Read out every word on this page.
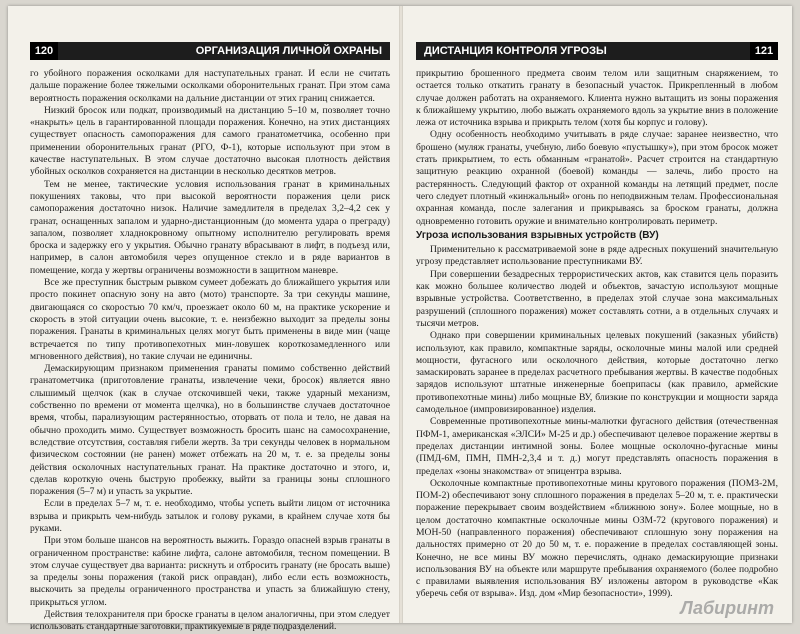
120	ОРГАНИЗАЦИЯ ЛИЧНОЙ ОХРАНЫ

го убойного поражения осколками для наступательных гранат. И если не считать дальше поражение более тяжелыми осколками оборонительных гранат. При этом сама вероятность поражения осколками на дальние дистанции от этих границ снижается.

Низкий бросок или подкат, производимый на дистанцию 5–10 м, позволяет точно «накрыть» цель в гарантированной площади поражения. Конечно, на этих дистанциях существует опасность самопоражения для самого гранатометчика, особенно при применении оборонительных гранат (РГО, Ф-1), которые используют при этом в качестве наступательных. В этом случае достаточно высокая плотность действия убойных осколков сохраняется на дистанции в несколько десятков метров.

Тем не менее, тактические условия использования гранат в криминальных покушениях таковы, что при высокой вероятности поражения цели риск самопоражения достаточно низок. Наличие замедлителя в пределах 3,2–4,2 сек у гранат, оснащенных запалом и ударно-дистанционным (до момента удара о преграду) запалом, позволяет хладнокровному опытному исполнителю регулировать время броска и задержку его у укрытия. Обычно гранату вбрасывают в лифт, в подъезд или, например, в салон автомобиля через опущенное стекло и в ряде вариантов в помещение, когда у жертвы ограничены возможности в защитном маневре.

Все же преступник быстрым рывком сумеет добежать до ближайшего укрытия или просто покинет опасную зону на авто (мото) транспорте. За три секунды машине, двигающаяся со скоростью 70 км/ч, проезжает около 60 м, на практике ускорение и скорость в этой ситуации очень высокие, т. е. неизбежно выходит за пределы зоны поражения. Гранаты в криминальных целях могут быть применены в виде мин (чаще встречается по типу противопехотных мин-ловушек короткозамедленного или мгновенного действия), но такие случаи не единичны.

Демаскирующим признаком применения гранаты помимо собственно действий гранатометчика (приготовление гранаты, извлечение чеки, бросок) является явно слышимый щелчок (как в случае отскочившей чеки, также ударный механизм, собственно по времени от момента щелчка), но в большинстве случаев достаточное время, чтобы, парализующим растерянностью, оторвать от пола и тело, не давая на обычно проходить мимо. Существует возможность бросить шанс на самосохранение, вследствие отсутствия, составляя гибели жертв. За три секунды человек в нормальном физическом состоянии (не ранен) может отбежать на 20 м, т. е. за пределы зоны действия осколочных наступательных гранат. На практике достаточно и этого, и, сделав короткую очень быструю пробежку, выйти за границы зоны сплошного поражения (5–7 м) и упасть за укрытие.

Если в пределах 5–7 м, т. е. необходимо, чтобы успеть выйти лицом от источника взрыва и прикрыть чем-нибудь затылок и голову руками, в крайнем случае хотя бы руками.

При этом больше шансов на вероятность выжить. Гораздо опасней взрыв гранаты в ограниченном пространстве: кабине лифта, салоне автомобиля, тесном помещении. В этом случае существует два варианта: рискнуть и отбросить гранату (не бросать выше) за пределы зоны поражения (такой риск оправдан), либо если есть возможность, выскочить за пределы ограниченного пространства и упасть за ближайшую стену, прикрыться углом.

Действия телохранителя при броске гранаты в целом аналогичны, при этом следует использовать стандартные заготовки, практикуемые в ряде подразделений.

ДИСТАНЦИЯ КОНТРОЛЯ УГРОЗЫ	121

прикрытию брошенного предмета своим телом или защитным снаряжением, то остается только откатить гранату в безопасный участок. Прикрепленный в любом случае должен работать на охраняемого. Клиента нужно вытащить из зоны поражения к ближайшему укрытию, любо выжать охраняемого вдоль за укрытие вниз в положение лежа от источника взрыва и прикрыть телом (хотя бы корпус и голову).

Одну особенность необходимо учитывать в ряде случае: заранее неизвестно, что брошено (муляж гранаты, учебную, либо боевую «пустышку»), при этом бросок может стать прикрытием, то есть обманным «гранатой». Расчет строится на стандартную защитную реакцию охранной (боевой) команды — залечь, либо просто на растерянность. Следующий фактор от охранной команды на летящий предмет, после чего следует плотный «кинжальный» огонь по неподвижным телам. Профессиональная охранная команда, после залегания и прикрываясь за броском гранаты, должна одновременно готовить оружие и внимательно контролировать периметр.

Угроза использования взрывных устройств (ВУ)

Применительно к рассматриваемой зоне в ряде адресных покушений значительную угрозу представляет использование преступниками ВУ.

При совершении безадресных террористических актов, как ставится цель поразить как можно большее количество людей и объектов, зачастую используют мощные взрывные устройства. Соответственно, в пределах этой случае зона максимальных разрушений (сплошного поражения) может составлять сотни, а в отдельных случаях и тысячи метров.

Однако при совершении криминальных целевых покушений (заказных убийств) используют, как правило, компактные заряды, осколочные мины малой или средней мощности, фугасного или осколочного действия, которые достаточно легко замаскировать заранее в пределах расчетного пребывания жертвы. В качестве подобных зарядов используют штатные инженерные боеприпасы (как правило, армейские противопехотные мины) либо мощные ВУ, близкие по конструкции и мощности заряда самодельное (импровизированное) изделия.

Современные противопехотные мины-малютки фугасного действия (отечественная ПФМ-1, американская «ЭЛСИ» М-25 и др.) обеспечивают целевое поражение жертвы в пределах дистанции интимной зоны. Более мощные осколочно-фугасные мины (ПМД-6М, ПМН, ПМН-2,3,4 и т. д.) могут представлять опасность поражения в пределах «зоны знакомства» от эпицентра взрыва.

Осколочные компактные противопехотные мины кругового поражения (ПОМЗ-2М, ПОМ-2) обеспечивают зону сплошного поражения в пределах 5–20 м, т. е. практически поражение перекрывает своим воздействием «ближнюю зону». Более мощные, но в целом достаточно компактные осколочные мины ОЗМ-72 (кругового поражения) и МОН-50 (направленного поражения) обеспечивают сплошную зону поражения на дальностях примерно от 20 до 50 м, т. е. поражение в пределах составляющей зоны. Конечно, не все мины ВУ можно перечислять, однако демаскирующие признаки использования ВУ на объекте или маршруте пребывания охраняемого (более подробно с правилами выявления использования ВУ изложены автором в руководстве «Как уберечь себя от взрыва». Изд. дом «Мир безопасности», 1999).

Лабиринт
